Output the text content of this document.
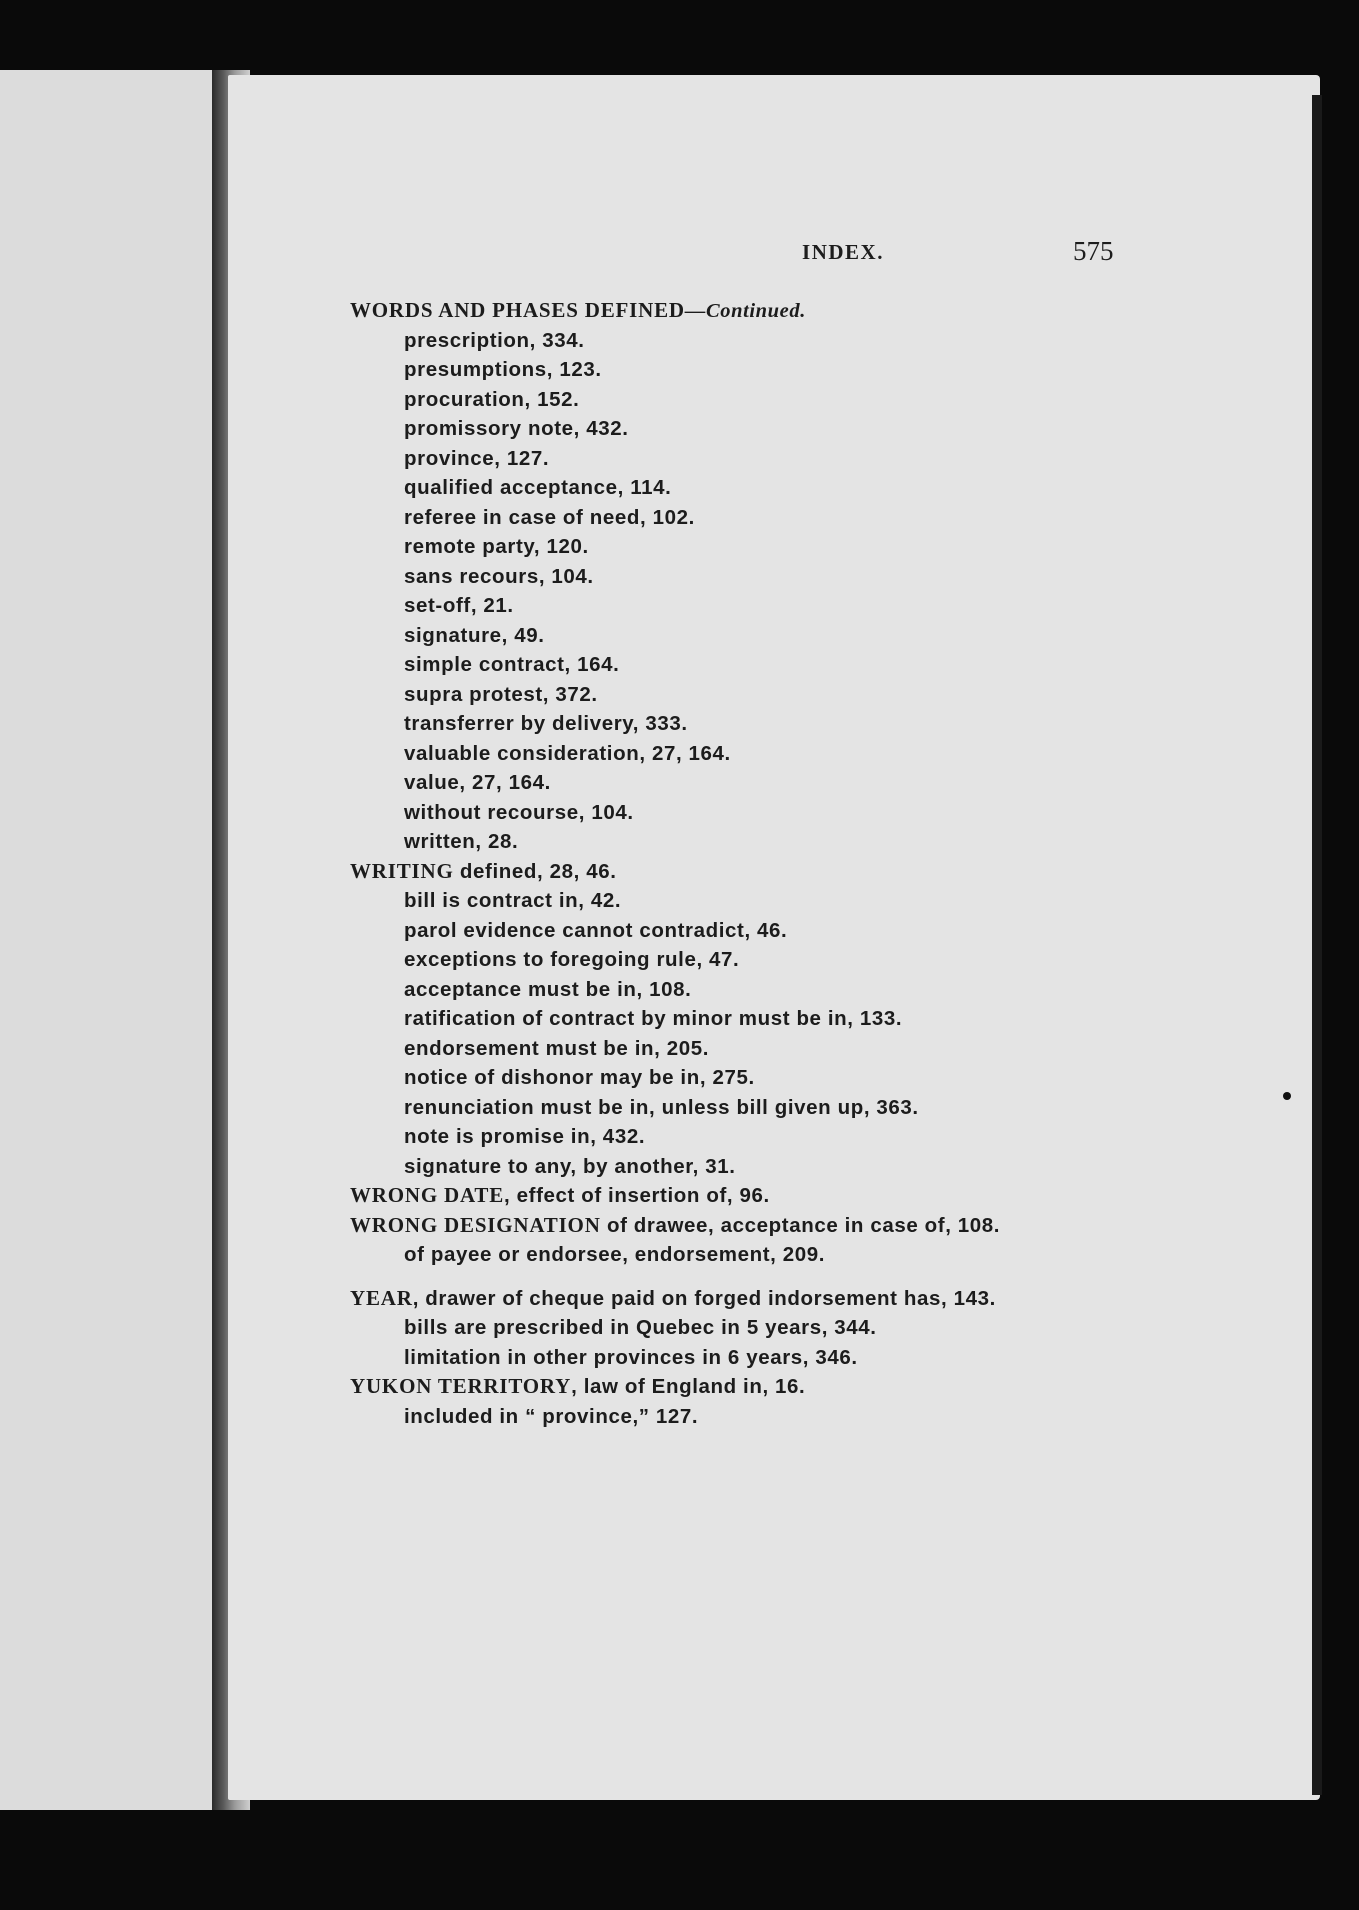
INDEX.	575
WORDS AND PHASES DEFINED—Continued.
prescription, 334.
presumptions, 123.
procuration, 152.
promissory note, 432.
province, 127.
qualified acceptance, 114.
referee in case of need, 102.
remote party, 120.
sans recours, 104.
set-off, 21.
signature, 49.
simple contract, 164.
supra protest, 372.
transferrer by delivery, 333.
valuable consideration, 27, 164.
value, 27, 164.
without recourse, 104.
written, 28.
WRITING defined, 28, 46.
bill is contract in, 42.
parol evidence cannot contradict, 46.
exceptions to foregoing rule, 47.
acceptance must be in, 108.
ratification of contract by minor must be in, 133.
endorsement must be in, 205.
notice of dishonor may be in, 275.
renunciation must be in, unless bill given up, 363.
note is promise in, 432.
signature to any, by another, 31.
WRONG DATE, effect of insertion of, 96.
WRONG DESIGNATION of drawee, acceptance in case of, 108.
of payee or endorsee, endorsement, 209.
YEAR, drawer of cheque paid on forged indorsement has, 143.
bills are prescribed in Quebec in 5 years, 344.
limitation in other provinces in 6 years, 346.
YUKON TERRITORY, law of England in, 16.
included in “ province,” 127.
